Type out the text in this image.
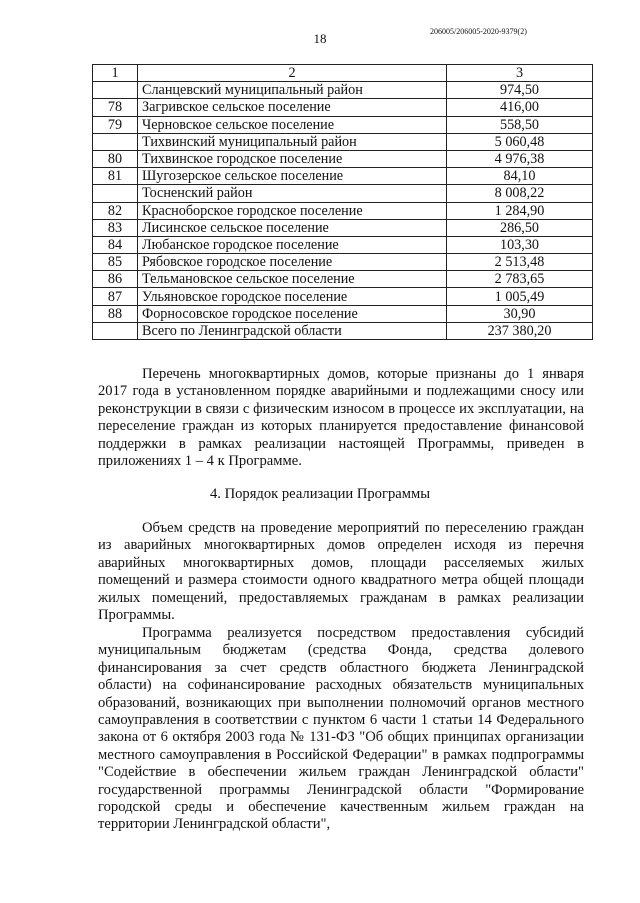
18	206005/206005-2020-9379(2)
1	2	3
	Сланцевский муниципальный район	974,50
78	Загривское сельское поселение	416,00
79	Черновское сельское поселение	558,50
	Тихвинский муниципальный район	5 060,48
80	Тихвинское городское поселение	4 976,38
81	Шугозерское сельское поселение	84,10
	Тосненский район	8 008,22
82	Красноборское городское поселение	1 284,90
83	Лисинское сельское поселение	286,50
84	Любанское городское поселение	103,30
85	Рябовское городское поселение	2 513,48
86	Тельмановское сельское поселение	2 783,65
87	Ульяновское городское поселение	1 005,49
88	Форносовское городское поселение	30,90
	Всего по Ленинградской области	237 380,20
Перечень многоквартирных домов, которые признаны до 1 января 2017 года в установленном порядке аварийными и подлежащими сносу или реконструкции в связи с физическим износом в процессе их эксплуатации, на переселение граждан из которых планируется предоставление финансовой поддержки в рамках реализации настоящей Программы, приведен в приложениях 1 – 4 к Программе.
4. Порядок реализации Программы
Объем средств на проведение мероприятий по переселению граждан из аварийных многоквартирных домов определен исходя из перечня аварийных многоквартирных домов, площади расселяемых жилых помещений и размера стоимости одного квадратного метра общей площади жилых помещений, предоставляемых гражданам в рамках реализации Программы.
Программа реализуется посредством предоставления субсидий муниципальным бюджетам (средства Фонда, средства долевого финансирования за счет средств областного бюджета Ленинградской области) на софинансирование расходных обязательств муниципальных образований, возникающих при выполнении полномочий органов местного самоуправления в соответствии с пунктом 6 части 1 статьи 14 Федерального закона от 6 октября 2003 года № 131-ФЗ "Об общих принципах организации местного самоуправления в Российской Федерации" в рамках подпрограммы "Содействие в обеспечении жильем граждан Ленинградской области" государственной программы Ленинградской области "Формирование городской среды и обеспечение качественным жильем граждан на территории Ленинградской области",
